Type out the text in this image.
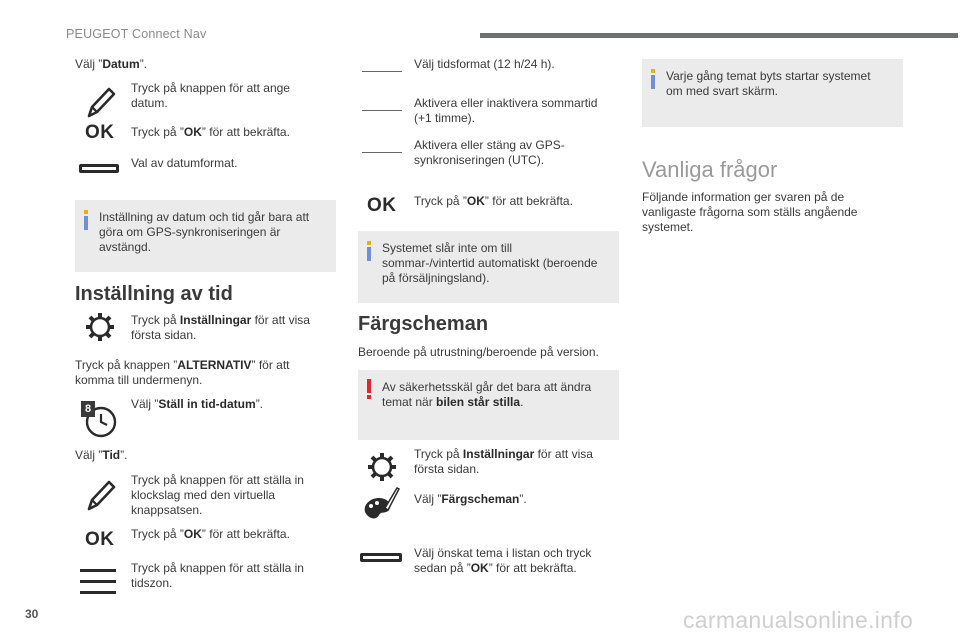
PEUGEOT Connect Nav
Välj ”Datum”.
Tryck på knappen för att ange datum.
OK Tryck på ”OK” för att bekräfta.
Val av datumformat.
Inställning av datum och tid går bara att göra om GPS-synkroniseringen är avstängd.
Inställning av tid
Tryck på Inställningar för att visa första sidan.
Tryck på knappen ”ALTERNATIV” för att komma till undermenyn.
8	Välj ”Ställ in tid-datum”.
Välj ”Tid”.
Tryck på knappen för att ställa in klockslag med den virtuella knappsatsen.
OK Tryck på ”OK” för att bekräfta.
Tryck på knappen för att ställa in tidszon.
Välj tidsformat (12 h/24 h).
Aktivera eller inaktivera sommartid (+1 timme).
Aktivera eller stäng av GPS-synkroniseringen (UTC).
OK Tryck på ”OK” för att bekräfta.
Systemet slår inte om till sommar-/vintertid automatiskt (beroende på försäljningsland).
Färgscheman
Beroende på utrustning/beroende på version.
Av säkerhetsskäl går det bara att ändra temat när bilen står stilla.
Tryck på Inställningar för att visa första sidan.
Välj ”Färgscheman”.
Välj önskat tema i listan och tryck sedan på ”OK” för att bekräfta.
Varje gång temat byts startar systemet om med svart skärm.
Vanliga frågor
Följande information ger svaren på de vanligaste frågorna som ställs angående systemet.
30	carmanualsonline.info
